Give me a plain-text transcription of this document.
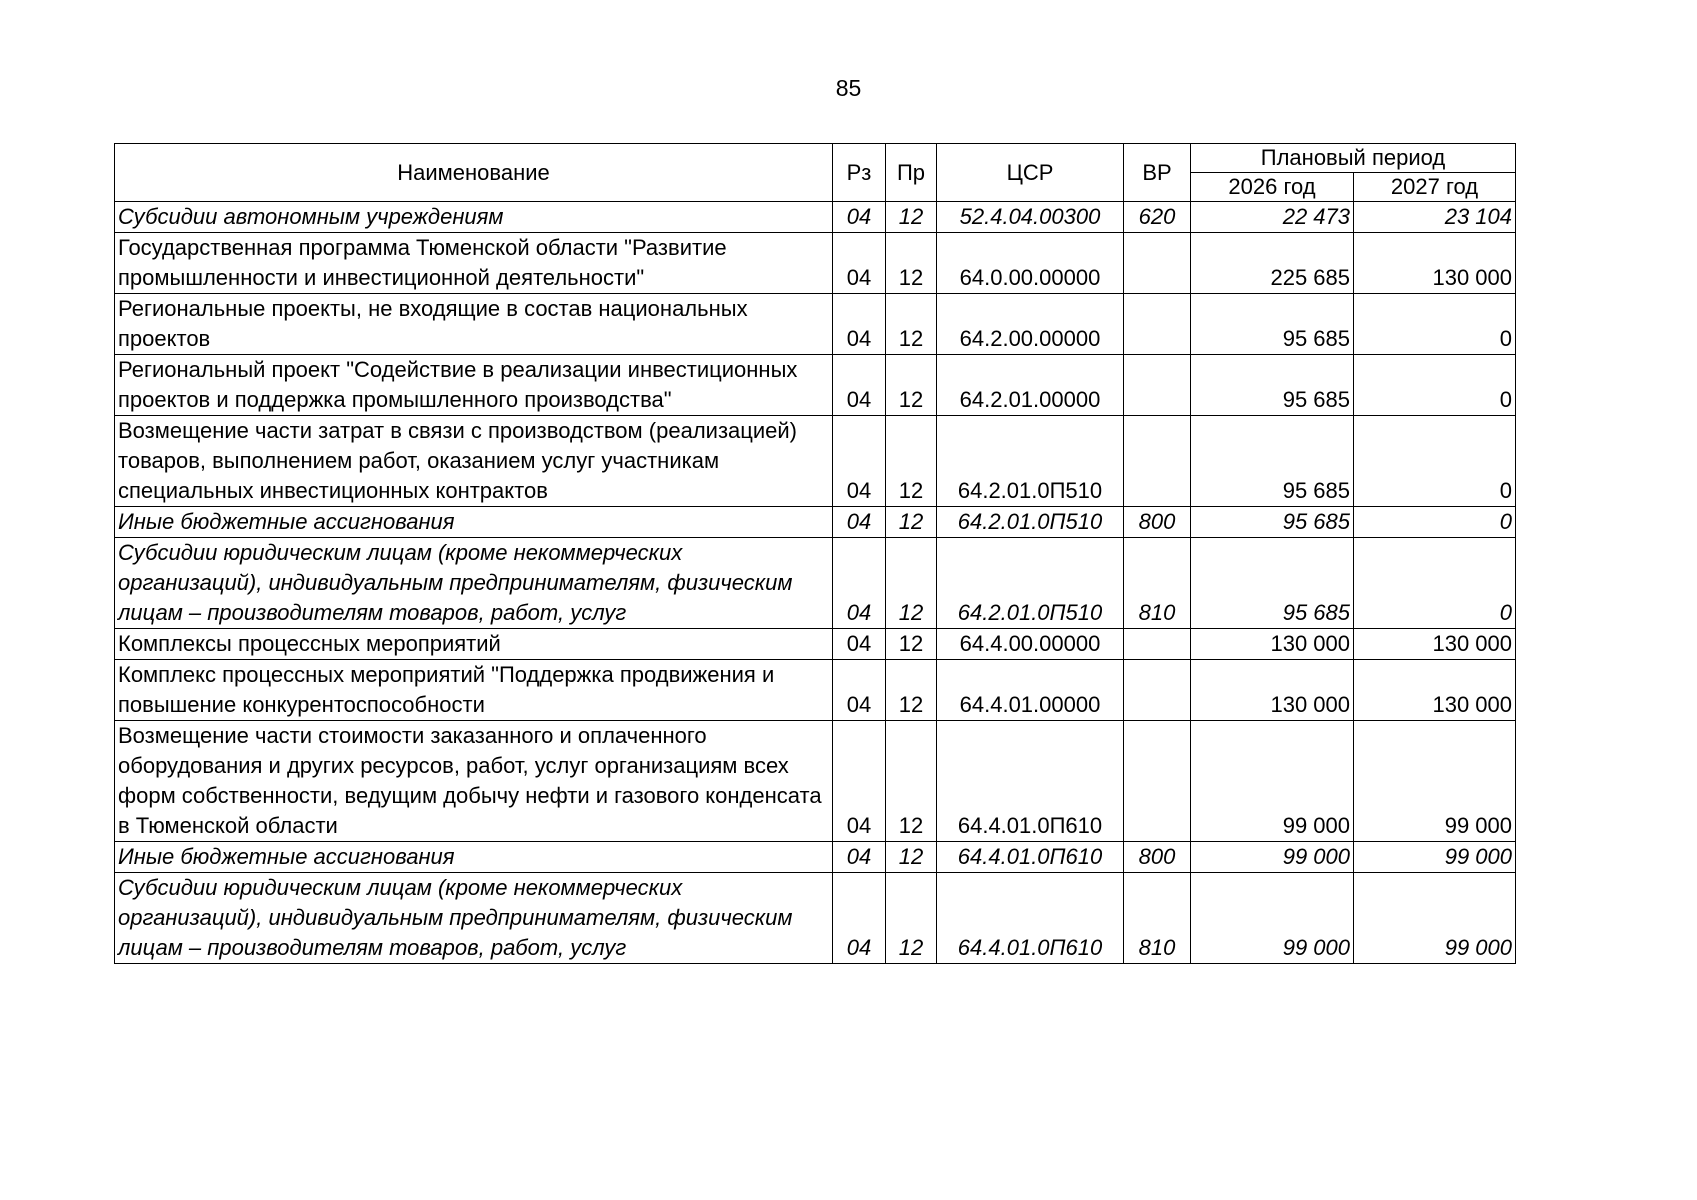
85
Наименование	Рз	Пр	ЦСР	ВР	Плановый период	
					2026 год	2027 год
Субсидии автономным учреждениям	04	12	52.4.04.00300	620	22 473	23 104
Государственная программа Тюменской области "Развитие промышленности и инвестиционной деятельности"	04	12	64.0.00.00000		225 685	130 000
Региональные проекты, не входящие в состав национальных проектов	04	12	64.2.00.00000		95 685	0
Региональный проект "Содействие в реализации инвестиционных проектов и поддержка промышленного производства"	04	12	64.2.01.00000		95 685	0
Возмещение части затрат в связи с производством (реализацией) товаров, выполнением работ, оказанием услуг участникам специальных инвестиционных контрактов	04	12	64.2.01.0П510		95 685	0
Иные бюджетные ассигнования	04	12	64.2.01.0П510	800	95 685	0
Субсидии юридическим лицам (кроме некоммерческих организаций), индивидуальным предпринимателям, физическим лицам – производителям товаров, работ, услуг	04	12	64.2.01.0П510	810	95 685	0
Комплексы процессных мероприятий	04	12	64.4.00.00000		130 000	130 000
Комплекс процессных мероприятий "Поддержка продвижения и повышение конкурентоспособности	04	12	64.4.01.00000		130 000	130 000
Возмещение части стоимости заказанного и оплаченного оборудования и других ресурсов, работ, услуг организациям всех форм собственности, ведущим добычу нефти и газового конденсата в Тюменской области	04	12	64.4.01.0П610		99 000	99 000
Иные бюджетные ассигнования	04	12	64.4.01.0П610	800	99 000	99 000
Субсидии юридическим лицам (кроме некоммерческих организаций), индивидуальным предпринимателям, физическим лицам – производителям товаров, работ, услуг	04	12	64.4.01.0П610	810	99 000	99 000
